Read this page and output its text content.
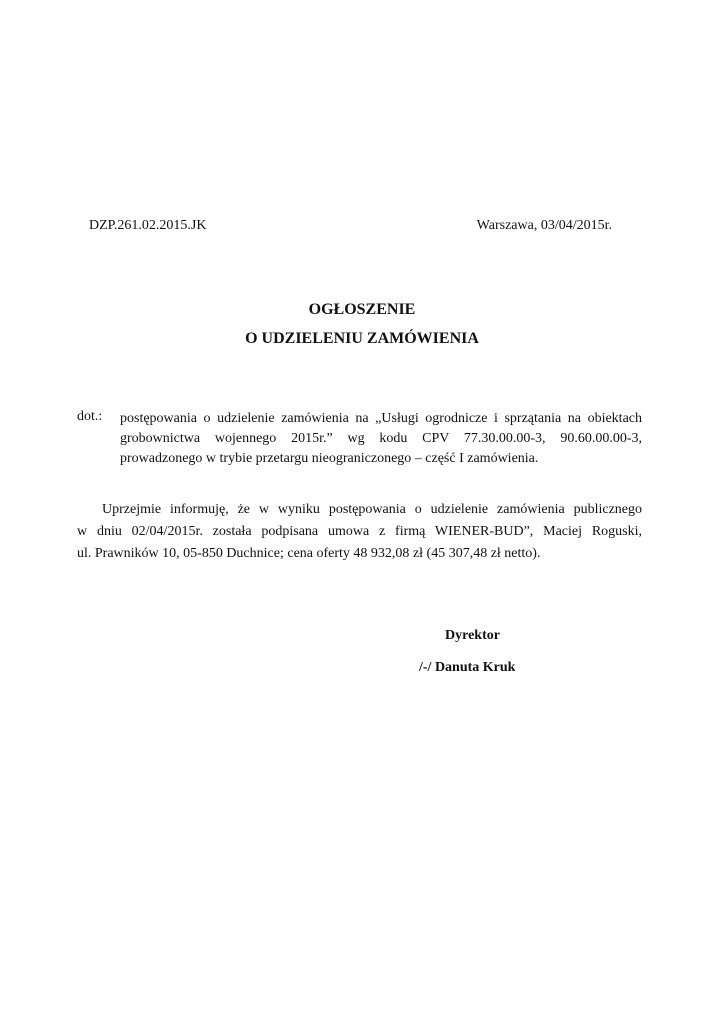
DZP.261.02.2015.JK	Warszawa, 03/04/2015r.
OGŁOSZENIE
O UDZIELENIU ZAMÓWIENIA
dot.: postępowania o udzielenie zamówienia na „Usługi ogrodnicze i sprzątania na obiektach
grobownictwa wojennego 2015r.” wg kodu CPV 77.30.00.00-3, 90.60.00.00-3,
prowadzonego w trybie przetargu nieograniczonego – część I zamówienia.
Uprzejmie informuję, że w wyniku postępowania o udzielenie zamówienia publicznego
w dniu 02/04/2015r. została podpisana umowa z firmą WIENER-BUD”, Maciej Roguski,
ul. Prawników 10, 05-850 Duchnice; cena oferty 48 932,08 zł (45 307,48 zł netto).
Dyrektor
/-/ Danuta Kruk
